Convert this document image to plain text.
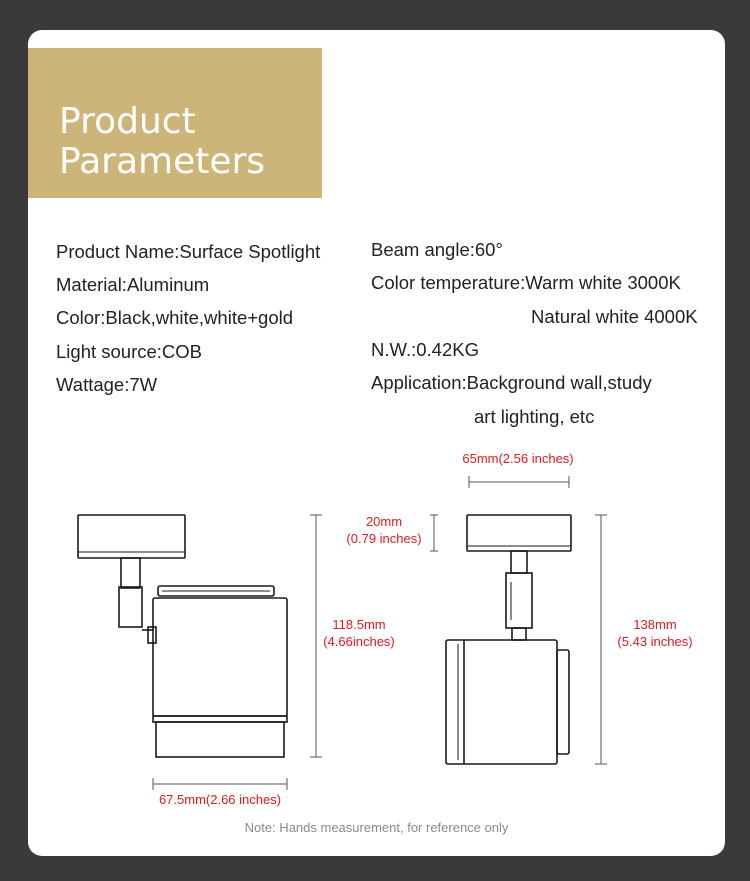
Product
Parameters
Product Name:Surface Spotlight
Material:Aluminum
Color:Black,white,white+gold
Light source:COB
Wattage:7W
Beam angle:60°
Color temperature:Warm white 3000K
Natural white 4000K
N.W.:0.42KG
Application:Background wall,study
art lighting, etc
65mm(2.56 inches)
20mm
(0.79 inches)
118.5mm
(4.66inches)
138mm
(5.43 inches)
67.5mm(2.66 inches)
Note: Hands measurement, for reference only
